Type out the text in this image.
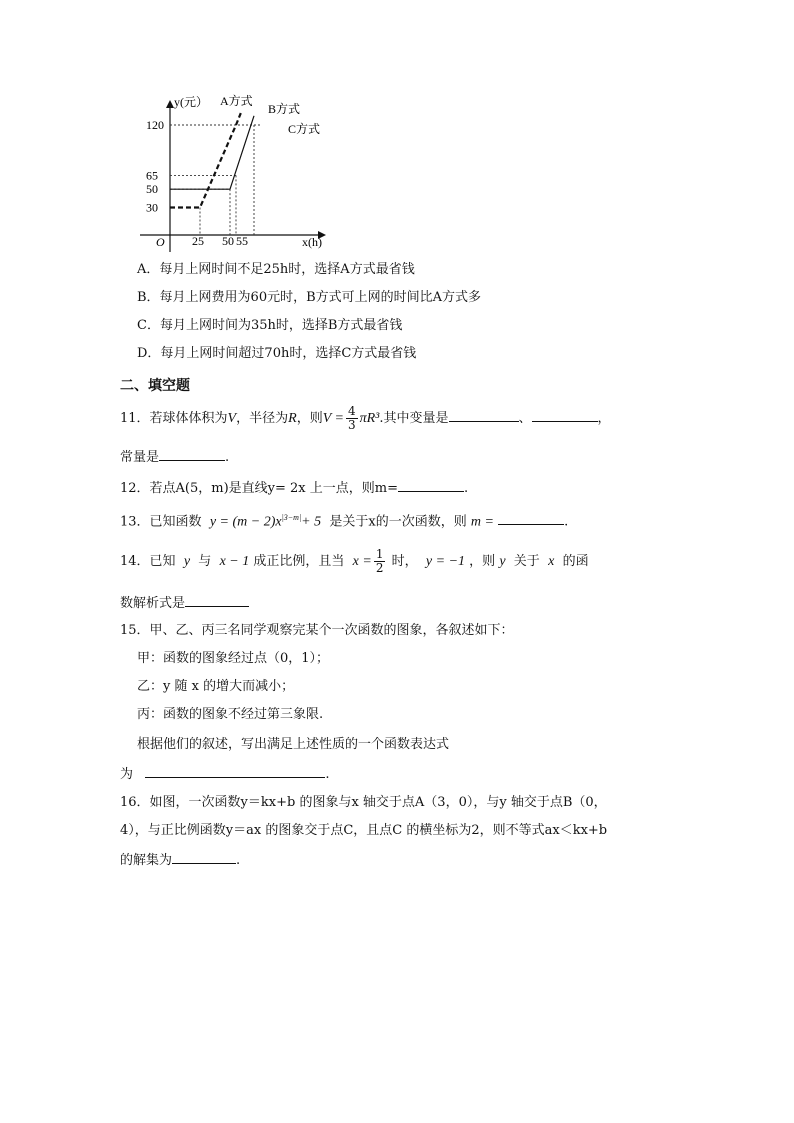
A方式
B方式
C方式
120
65
50
30
25 50 55
y(元）
x(h)
O
A．每月上网时间不足25h时，选择A方式最省钱
B．每月上网费用为60元时，B方式可上网的时间比A方式多
C．每月上网时间为35h时，选择B方式最省钱
D．每月上网时间超过70h时，选择C方式最省钱
二、填空题
11．若球体体积为V，半径为R，则$V = \frac{4}{3} \pi R^3$.其中变量是	、	，
常量是	.
12．若点A(5，m)是直线y= 2x 上一点，则m=	.
13．已知函数 $y = (m - 2)x^{|3-m|}+ 5$ 是关于x的一次函数，则 m =	.
14．已知 y 与 x − 1 成正比例，且当 $x = \frac{1}{2}$ 时， y = −1 ，则 y 关于 x 的函
数解析式是
15．甲、乙、丙三名同学观察完某个一次函数的图象，各叙述如下：
甲：函数的图象经过点（0，1）；
乙：y 随 x 的增大而减小；
丙：函数的图象不经过第三象限.
根据他们的叙述，写出满足上述性质的一个函数表达式
为	.
16．如图，一次函数y＝kx+b 的图象与x 轴交于点A（3，0），与y 轴交于点B（0，
4），与正比例函数y＝ax 的图象交于点C，且点C 的横坐标为2，则不等式ax＜kx+b
的解集为	.
